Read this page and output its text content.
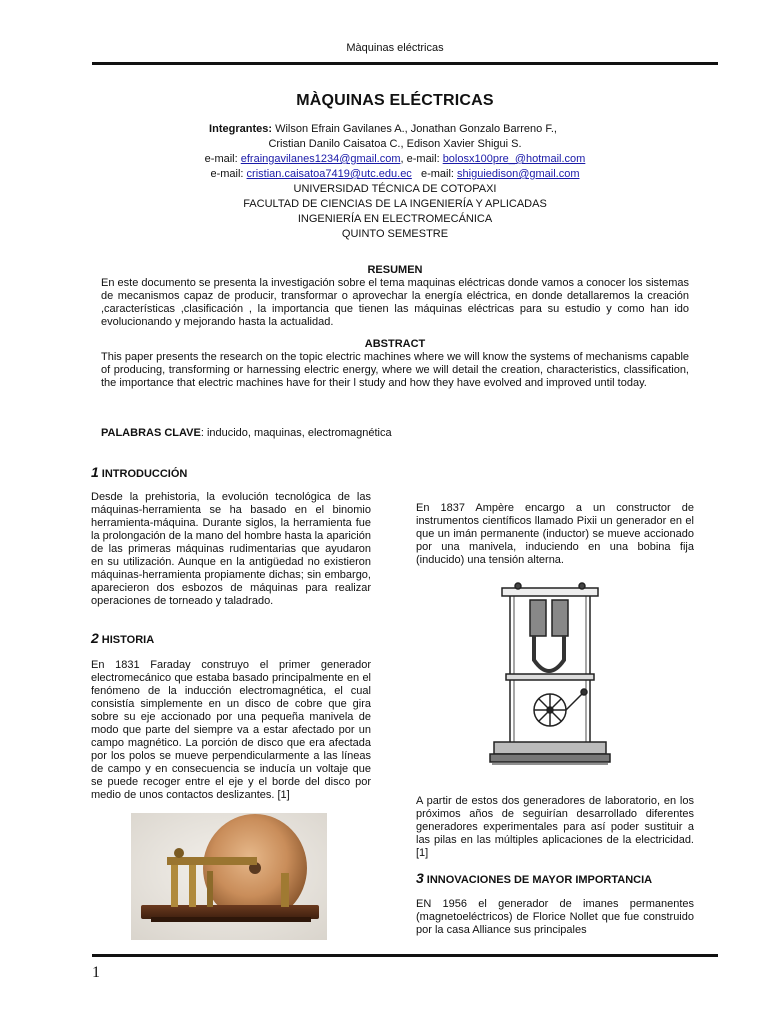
Màquinas eléctricas
MÀQUINAS ELÉCTRICAS
Integrantes: Wilson Efrain Gavilanes A., Jonathan Gonzalo Barreno F.,
Cristian Danilo Caisatoa C., Edison Xavier Shigui S.
e-mail: efraingavilanes1234@gmail.com, e-mail: bolosx100pre_@hotmail.com
e-mail: cristian.caisatoa7419@utc.edu.ec e-mail: shiguiedison@gmail.com
UNIVERSIDAD TÉCNICA DE COTOPAXI
FACULTAD DE CIENCIAS DE LA INGENIERÍA Y APLICADAS
INGENIERÍA EN ELECTROMECÁNICA
QUINTO SEMESTRE
RESUMEN
En este documento se presenta la investigación sobre el tema maquinas eléctricas donde vamos a conocer los sistemas de mecanismos capaz de producir, transformar o aprovechar la energía eléctrica, en donde detallaremos la creación ,características ,clasificación , la importancia que tienen las máquinas eléctricas para su estudio y como han ido evolucionando y mejorando hasta la actualidad.
ABSTRACT
This paper presents the research on the topic electric machines where we will know the systems of mechanisms capable of producing, transforming or harnessing electric energy, where we will detail the creation, characteristics, classification, the importance that electric machines have for their l study and how they have evolved and improved until today.
PALABRAS CLAVE: inducido, maquinas, electromagnética
1 INTRODUCCIÓN
Desde la prehistoria, la evolución tecnológica de las máquinas-herramienta se ha basado en el binomio herramienta-máquina. Durante siglos, la herramienta fue la prolongación de la mano del hombre hasta la aparición de las primeras máquinas rudimentarias que ayudaron en su utilización. Aunque en la antigüedad no existieron máquinas-herramienta propiamente dichas; sin embargo, aparecieron dos esbozos de máquinas para realizar operaciones de torneado y taladrado.
2 HISTORIA
En 1831 Faraday construyo el primer generador electromecánico que estaba basado principalmente en el fenómeno de la inducción electromagnética, el cual consistía simplemente en un disco de cobre que gira sobre su eje accionado por una pequeña manivela de modo que parte del siempre va a estar afectado por un campo magnético. La porción de disco que era afectada por los polos se mueve perpendicularmente a las líneas de campo y en consecuencia se inducía un voltaje que se puede recoger entre el eje y el borde del disco por medio de unos contactos deslizantes. [1]
En 1837 Ampère encargo a un constructor de instrumentos científicos llamado Pixii un generador en el que un imán permanente (inductor) se mueve accionado por una manivela, induciendo en una bobina fija (inducido) una tensión alterna.
A partir de estos dos generadores de laboratorio, en los próximos años de seguirían desarrollado diferentes generadores experimentales para así poder sustituir a las pilas en las múltiples aplicaciones de la electricidad. [1]
3 INNOVACIONES DE MAYOR IMPORTANCIA
EN 1956 el generador de imanes permanentes (magnetoeléctricos) de Florice Nollet que fue construido por la casa Alliance sus principales
1
